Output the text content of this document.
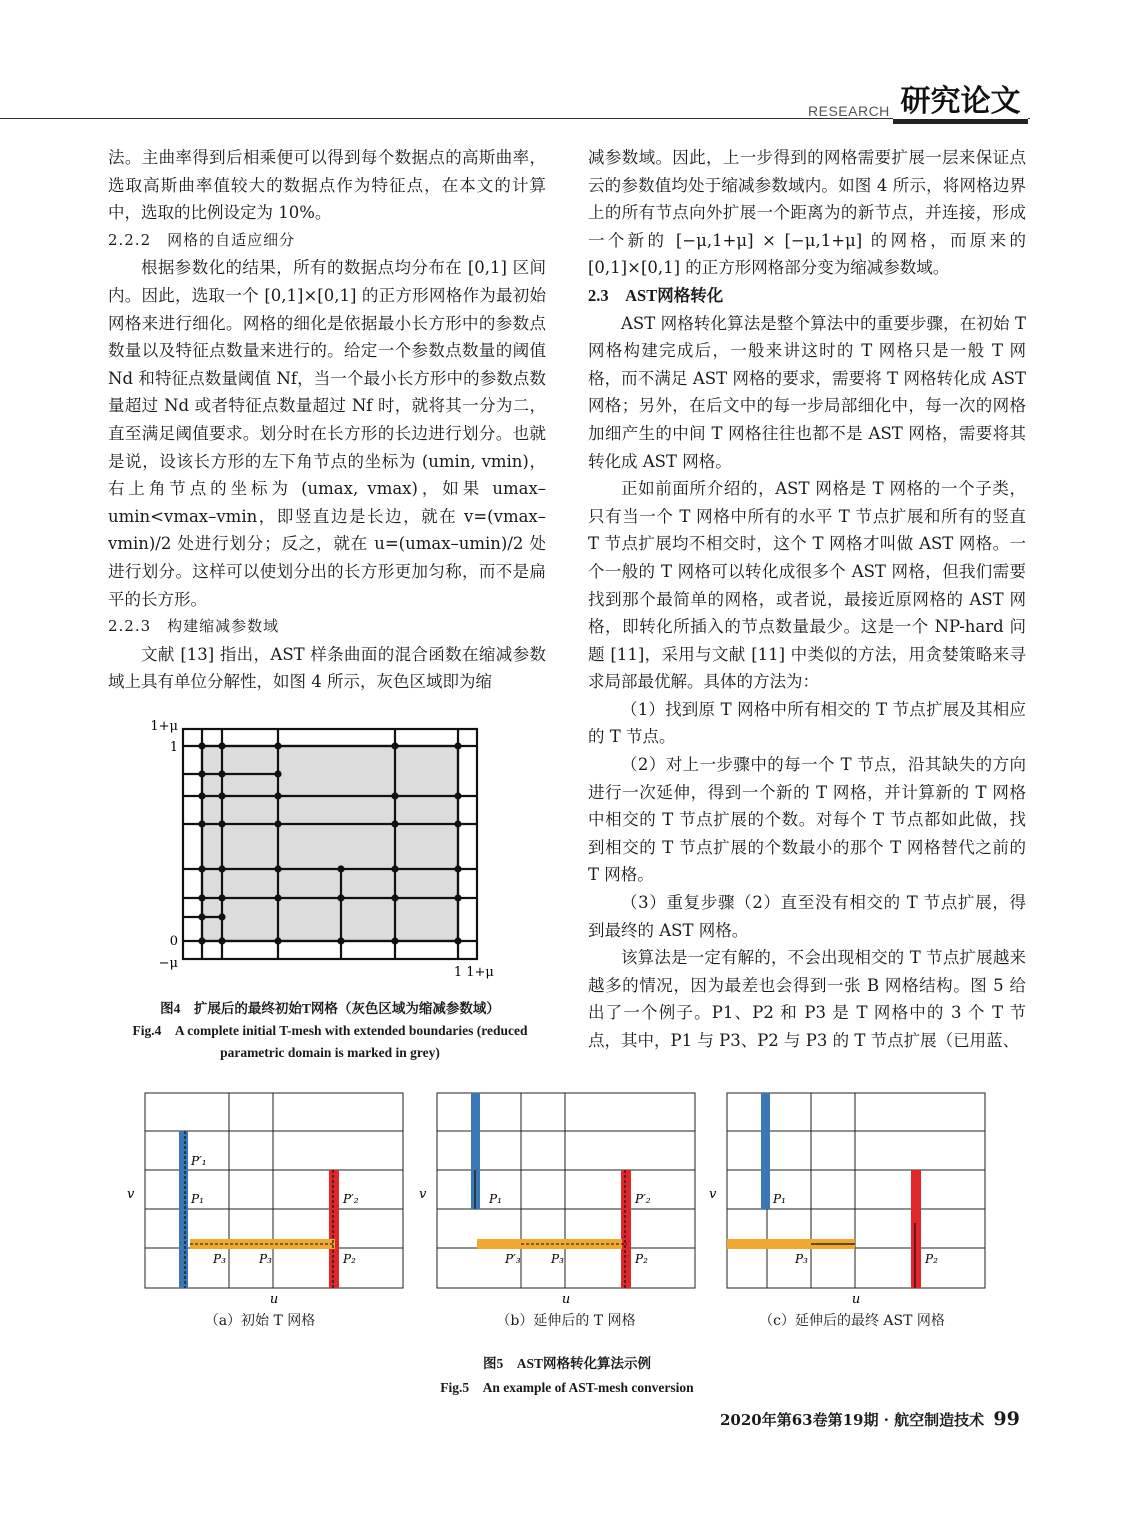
RESEARCH 研究论文

法。主曲率得到后相乘便可以得到每个数据点的高斯曲率，选取高斯曲率值较大的数据点作为特征点，在本文的计算中，选取的比例设定为 10%。

2.2.2　网格的自适应细分

根据参数化的结果，所有的数据点均分布在 [0,1] 区间内。因此，选取一个 [0,1]×[0,1] 的正方形网格作为最初始网格来进行细化。网格的细化是依据最小长方形中的参数点数量以及特征点数量来进行的。给定一个参数点数量的阈值 Nd 和特征点数量阈值 Nf，当一个最小长方形中的参数点数量超过 Nd 或者特征点数量超过 Nf 时，就将其一分为二，直至满足阈值要求。划分时在长方形的长边进行划分。也就是说，设该长方形的左下角节点的坐标为 (umin, vmin)，右上角节点的坐标为 (umax, vmax)，如果 umax–umin<vmax–vmin，即竖直边是长边，就在 v=(vmax–vmin)/2 处进行划分；反之，就在 u=(umax–umin)/2 处进行划分。这样可以使划分出的长方形更加匀称，而不是扁平的长方形。

2.2.3　构建缩减参数域

文献 [13] 指出，AST 样条曲面的混合函数在缩减参数域上具有单位分解性，如图 4 所示，灰色区域即为缩

1+μ
1
0
−μ
1 1+μ
图4　扩展后的最终初始T网格（灰色区域为缩减参数域）
Fig.4　A complete initial T-mesh with extended boundaries (reduced
parametric domain is marked in grey)

减参数域。因此，上一步得到的网格需要扩展一层来保证点云的参数值均处于缩减参数域内。如图 4 所示，将网格边界上的所有节点向外扩展一个距离为的新节点，并连接，形成一个新的 [−μ,1+μ] × [−μ,1+μ] 的网格，而原来的 [0,1]×[0,1] 的正方形网格部分变为缩减参数域。

2.3　AST网格转化

AST 网格转化算法是整个算法中的重要步骤，在初始 T 网格构建完成后，一般来讲这时的 T 网格只是一般 T 网格，而不满足 AST 网格的要求，需要将 T 网格转化成 AST 网格；另外，在后文中的每一步局部细化中，每一次的网格加细产生的中间 T 网格往往也都不是 AST 网格，需要将其转化成 AST 网格。

正如前面所介绍的，AST 网格是 T 网格的一个子类，只有当一个 T 网格中所有的水平 T 节点扩展和所有的竖直 T 节点扩展均不相交时，这个 T 网格才叫做 AST 网格。一个一般的 T 网格可以转化成很多个 AST 网格，但我们需要找到那个最简单的网格，或者说，最接近原网格的 AST 网格，即转化所插入的节点数量最少。这是一个 NP-hard 问题 [11]，采用与文献 [11] 中类似的方法，用贪婪策略来寻求局部最优解。具体的方法为：

（1）找到原 T 网格中所有相交的 T 节点扩展及其相应的 T 节点。

（2）对上一步骤中的每一个 T 节点，沿其缺失的方向进行一次延伸，得到一个新的 T 网格，并计算新的 T 网格中相交的 T 节点扩展的个数。对每个 T 节点都如此做，找到相交的 T 节点扩展的个数最小的那个 T 网格替代之前的 T 网格。

（3）重复步骤（2）直至没有相交的 T 节点扩展，得到最终的 AST 网格。

该算法是一定有解的，不会出现相交的 T 节点扩展越来越多的情况，因为最差也会得到一张 B 网格结构。图 5 给出了一个例子。P1、P2 和 P3 是 T 网格中的 3 个 T 节点，其中，P1 与 P3、P2 与 P3 的 T 节点扩展（已用蓝、

P′₁
P₁	P′₂
P₂
P₃	P₃
v
u
P₁	P′₂
P₂
P′₃	P₃
v
u
P₁
P₂
P₃
v
u
（a）初始 T 网格	（b）延伸后的 T 网格	（c）延伸后的最终 AST 网格
图5　AST网格转化算法示例
Fig.5　An example of AST-mesh conversion
2020年第63卷第19期 · 航空制造技术 99
